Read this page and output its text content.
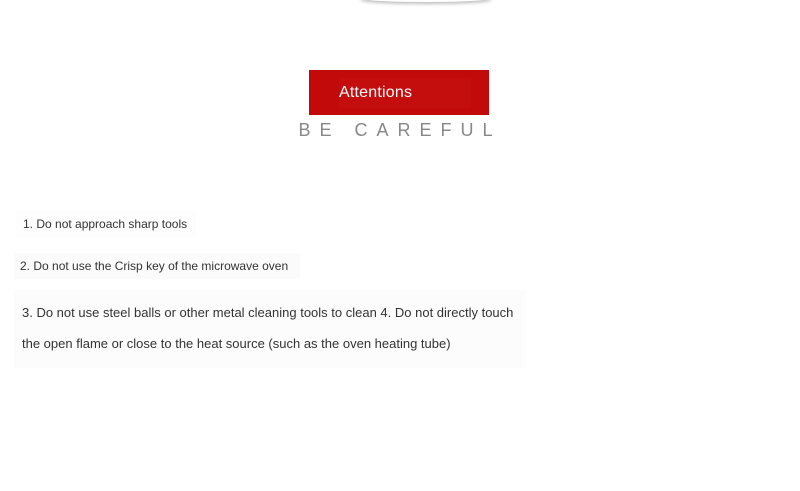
Attentions
BE CAREFUL
1. Do not approach sharp tools
2. Do not use the Crisp key of the microwave oven
3. Do not use steel balls or other metal cleaning tools to clean 4. Do not directly touch the open flame or close to the heat source (such as the oven heating tube)
